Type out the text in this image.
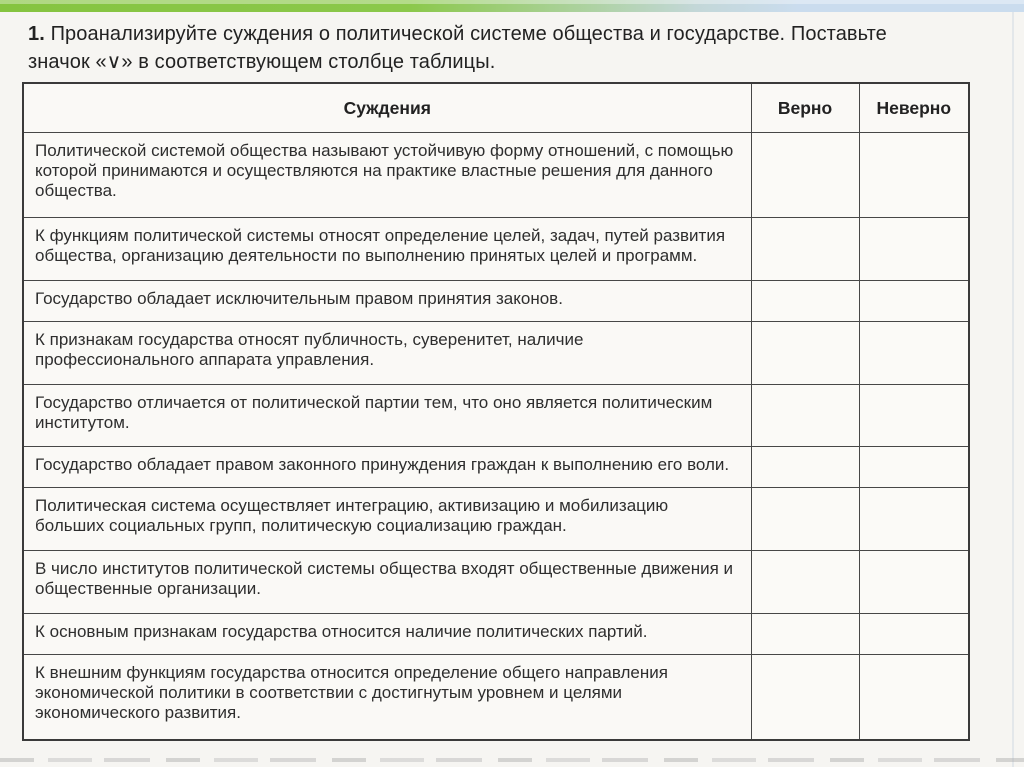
1. Проанализируйте суждения о политической системе общества и государстве. Поставьте
значок «∨» в соответствующем столбце таблицы.
Суждения	Верно	Неверно
Политической системой общества называют устойчивую форму отношений, с помощью которой принимаются и осуществляются на практике властные решения для данного общества.		
К функциям политической системы относят определение целей, задач, путей развития общества, организацию деятельности по выполнению принятых целей и программ.		
Государство обладает исключительным правом принятия законов.		
К признакам государства относят публичность, суверенитет, наличие профессионального аппарата управления.		
Государство отличается от политической партии тем, что оно является политическим институтом.		
Государство обладает правом законного принуждения граждан к выполнению его воли.		
Политическая система осуществляет интеграцию, активизацию и мобилизацию больших социальных групп, политическую социализацию граждан.		
В число институтов политической системы общества входят общественные движения и общественные организации.		
К основным признакам государства относится наличие политических партий.		
К внешним функциям государства относится определение общего направления экономической политики в соответствии с достигнутым уровнем и целями экономического развития.		
